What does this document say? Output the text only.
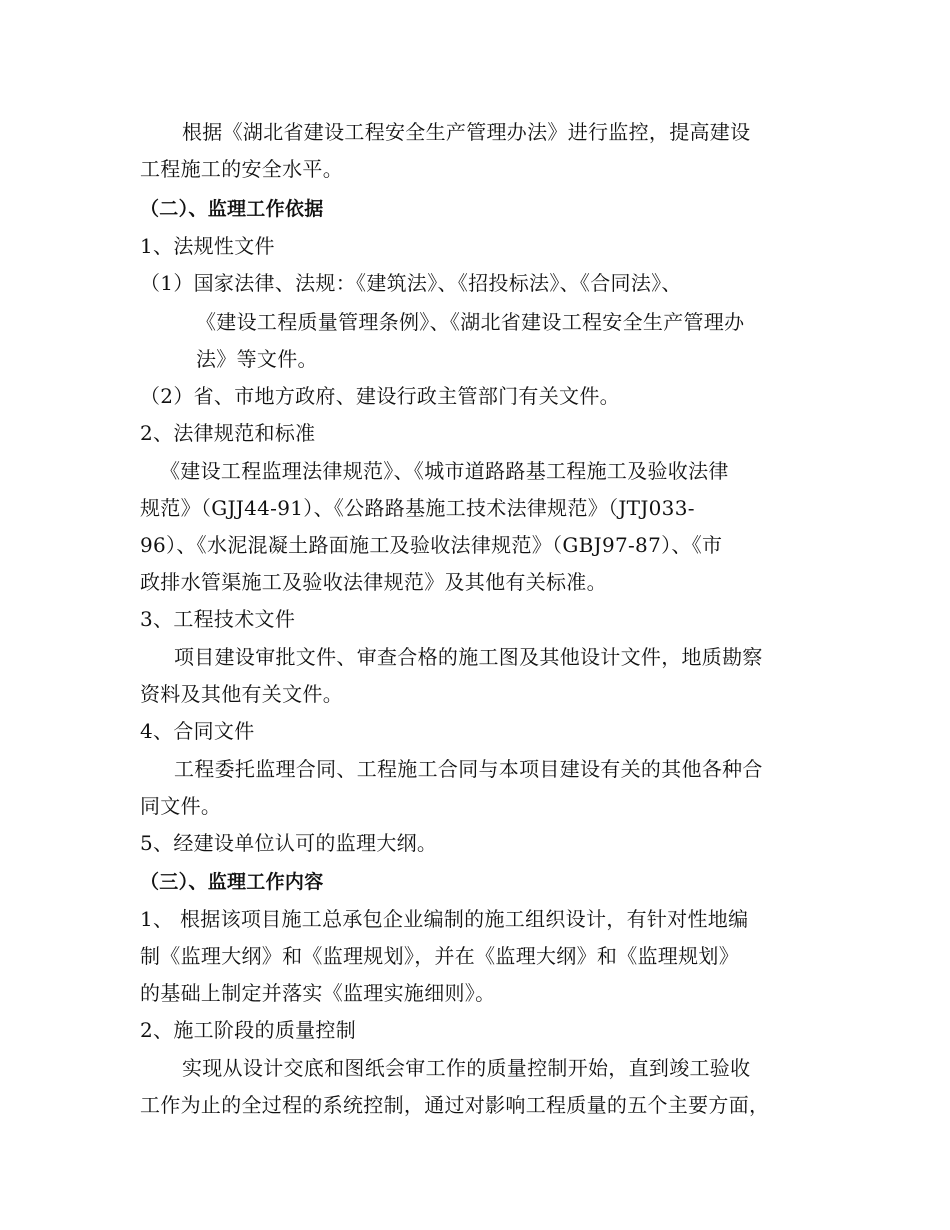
根据《湖北省建设工程安全生产管理办法》进行监控，提高建设
工程施工的安全水平。
（二）、监理工作依据
1、法规性文件
（1）国家法律、法规：《建筑法》、《招投标法》、《合同法》、
《建设工程质量管理条例》、《湖北省建设工程安全生产管理办
法》等文件。
（2）省、市地方政府、建设行政主管部门有关文件。
2、法律规范和标准
《建设工程监理法律规范》、《城市道路路基工程施工及验收法律
规范》（GJJ44-91）、《公路路基施工技术法律规范》（JTJ033-
96）、《水泥混凝土路面施工及验收法律规范》（GBJ97-87）、《市
政排水管渠施工及验收法律规范》及其他有关标准。
3、工程技术文件
项目建设审批文件、审查合格的施工图及其他设计文件，地质勘察
资料及其他有关文件。
4、合同文件
工程委托监理合同、工程施工合同与本项目建设有关的其他各种合
同文件。
5、经建设单位认可的监理大纲。
（三）、监理工作内容
1、 根据该项目施工总承包企业编制的施工组织设计，有针对性地编
制《监理大纲》和《监理规划》，并在《监理大纲》和《监理规划》
的基础上制定并落实《监理实施细则》。
2、施工阶段的质量控制
实现从设计交底和图纸会审工作的质量控制开始，直到竣工验收
工作为止的全过程的系统控制，通过对影响工程质量的五个主要方面，
